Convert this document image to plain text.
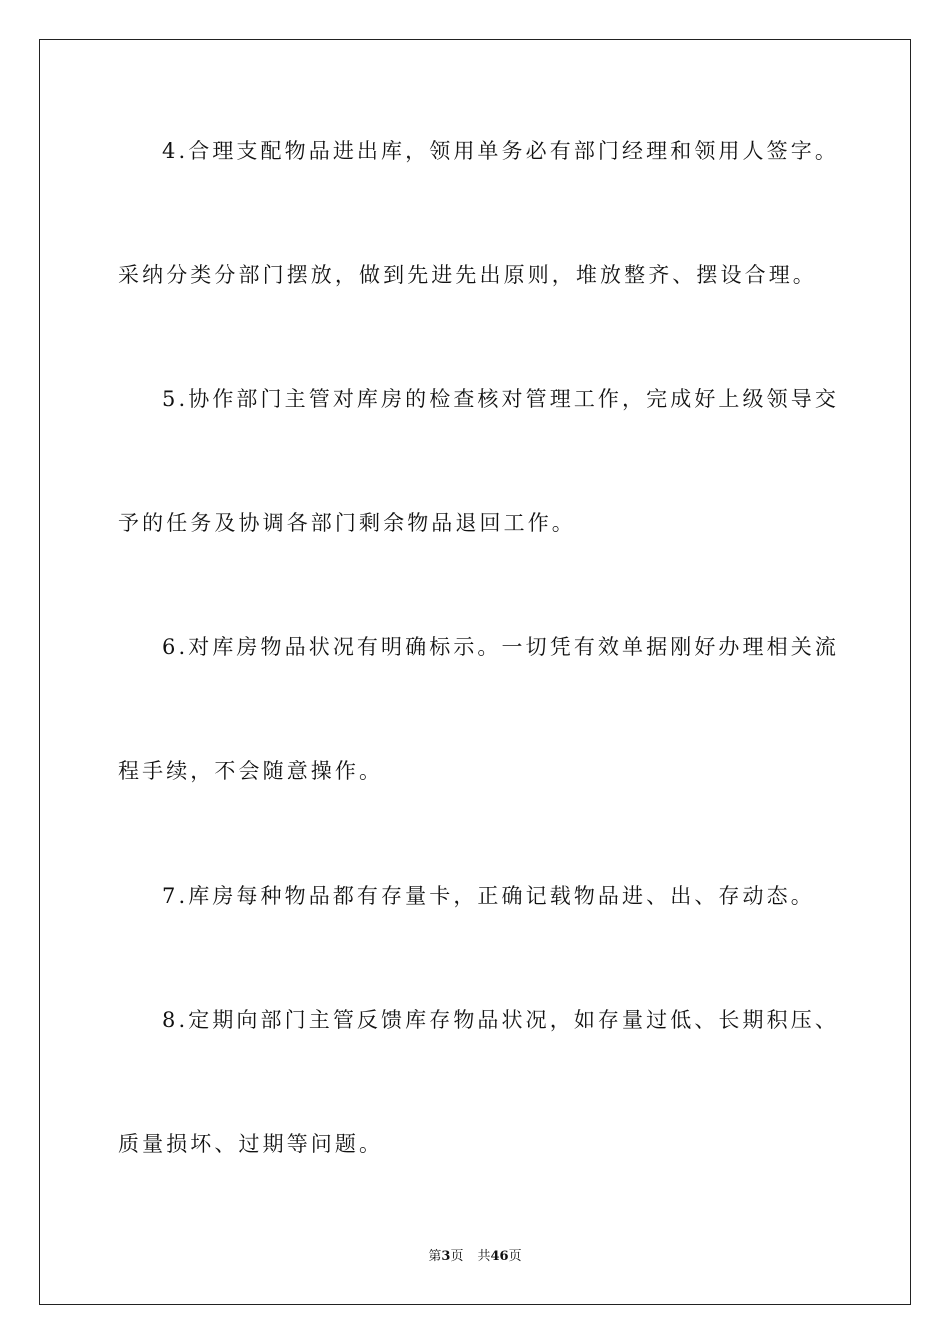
4.合理支配物品进出库，领用单务必有部门经理和领用人签字。
采纳分类分部门摆放，做到先进先出原则，堆放整齐、摆设合理。
5.协作部门主管对库房的检查核对管理工作，完成好上级领导交
予的任务及协调各部门剩余物品退回工作。
6.对库房物品状况有明确标示。一切凭有效单据刚好办理相关流
程手续，不会随意操作。
7.库房每种物品都有存量卡，正确记载物品进、出、存动态。
8.定期向部门主管反馈库存物品状况，如存量过低、长期积压、
质量损坏、过期等问题。
第3页 共46页
